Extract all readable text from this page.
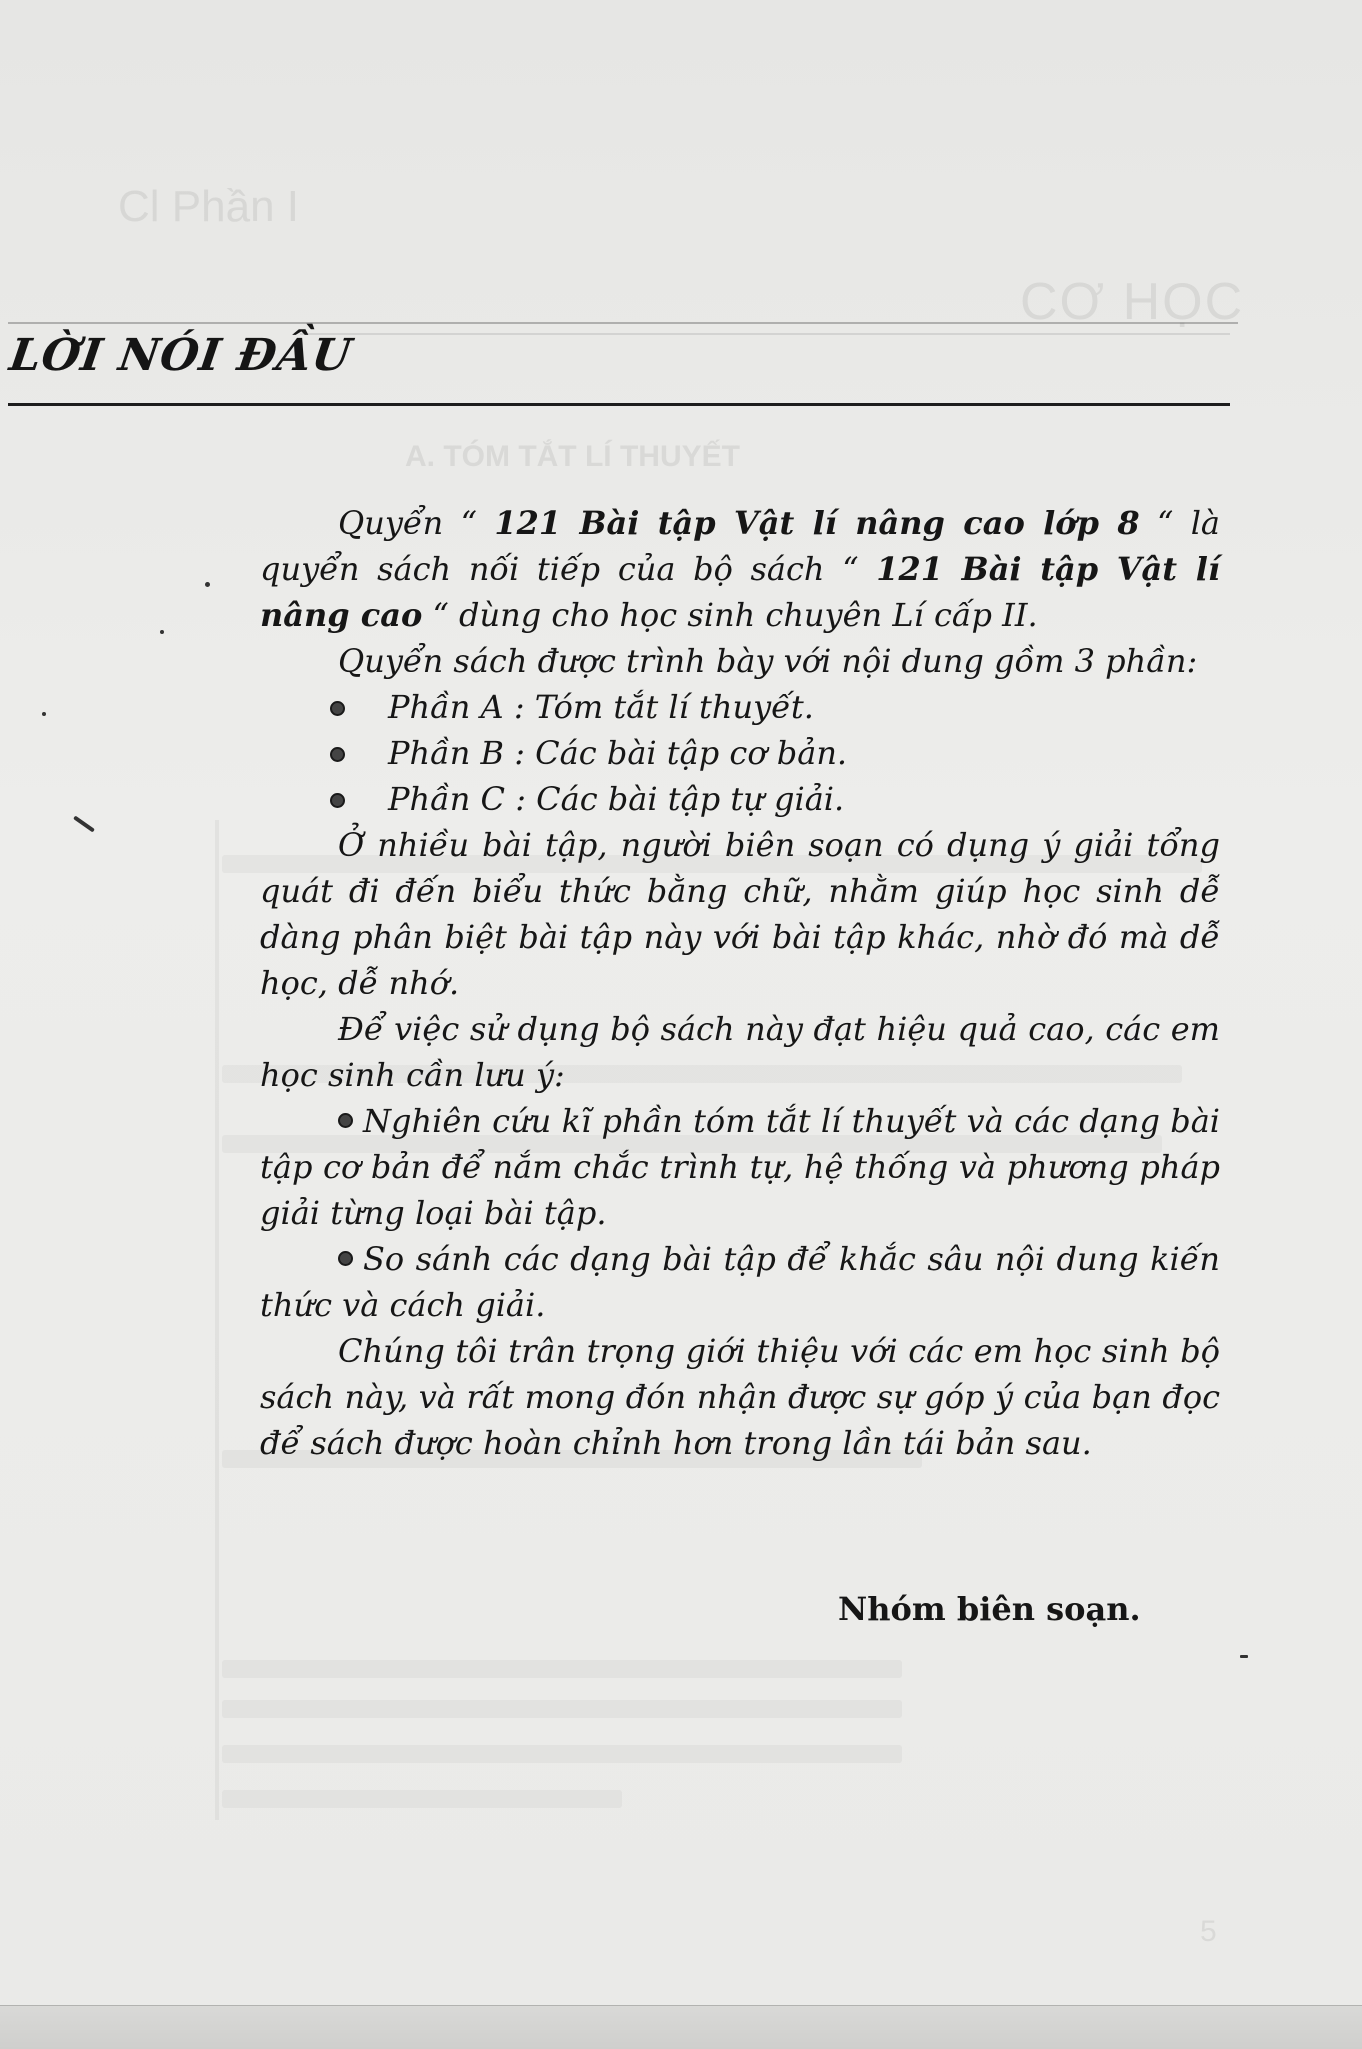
Cl Phần I
CƠ HỌC
A. TÓM TẮT LÍ THUYẾT
5
LỜI NÓI ĐẦU

Quyển “ 121 Bài tập Vật lí nâng cao lớp 8 “ là quyển sách nối tiếp của bộ sách “ 121 Bài tập Vật lí nâng cao “ dùng cho học sinh chuyên Lí cấp II.

Quyển sách được trình bày với nội dung gồm 3 phần:

Phần A : Tóm tắt lí thuyết.
Phần B : Các bài tập cơ bản.
Phần C : Các bài tập tự giải.

Ở nhiều bài tập, người biên soạn có dụng ý giải tổng quát đi đến biểu thức bằng chữ, nhằm giúp học sinh dễ dàng phân biệt bài tập này với bài tập khác, nhờ đó mà dễ học, dễ nhớ.

Để việc sử dụng bộ sách này đạt hiệu quả cao, các em học sinh cần lưu ý:

Nghiên cứu kĩ phần tóm tắt lí thuyết và các dạng bài tập cơ bản để nắm chắc trình tự, hệ thống và phương pháp giải từng loại bài tập.

So sánh các dạng bài tập để khắc sâu nội dung kiến thức và cách giải.

Chúng tôi trân trọng giới thiệu với các em học sinh bộ sách này, và rất mong đón nhận được sự góp ý của bạn đọc để sách được hoàn chỉnh hơn trong lần tái bản sau.

Nhóm biên soạn.
